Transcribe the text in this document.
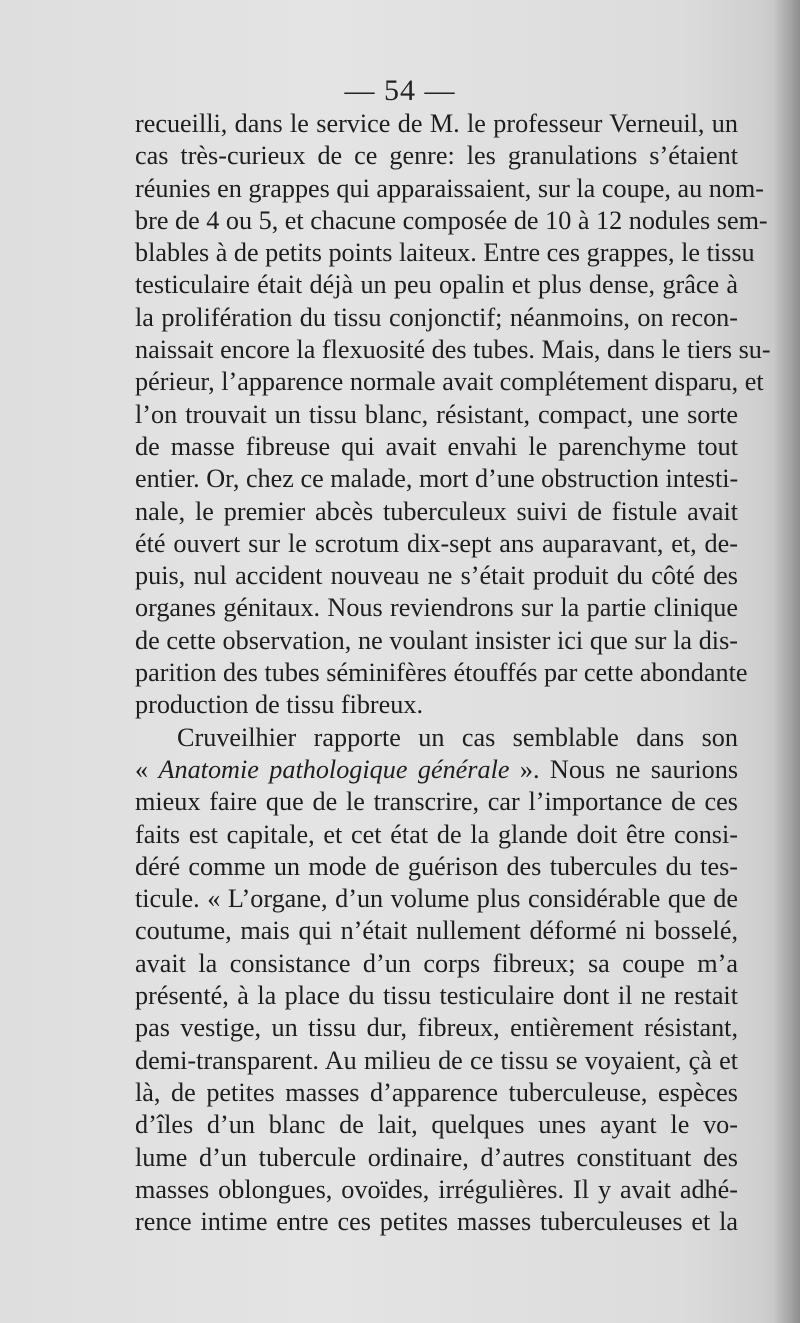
— 54 —
recueilli, dans le service de M. le professeur Verneuil, un
cas très-curieux de ce genre: les granulations s’étaient
réunies en grappes qui apparaissaient, sur la coupe, au nom-
bre de 4 ou 5, et chacune composée de 10 à 12 nodules sem-
blables à de petits points laiteux. Entre ces grappes, le tissu
testiculaire était déjà un peu opalin et plus dense, grâce à
la prolifération du tissu conjonctif; néanmoins, on recon-
naissait encore la flexuosité des tubes. Mais, dans le tiers su-
périeur, l’apparence normale avait complétement disparu, et
l’on trouvait un tissu blanc, résistant, compact, une sorte
de masse fibreuse qui avait envahi le parenchyme tout
entier. Or, chez ce malade, mort d’une obstruction intesti-
nale, le premier abcès tuberculeux suivi de fistule avait
été ouvert sur le scrotum dix-sept ans auparavant, et, de-
puis, nul accident nouveau ne s’était produit du côté des
organes génitaux. Nous reviendrons sur la partie clinique
de cette observation, ne voulant insister ici que sur la dis-
parition des tubes séminifères étouffés par cette abondante
production de tissu fibreux.
Cruveilhier rapporte un cas semblable dans son
« Anatomie pathologique générale ». Nous ne saurions
mieux faire que de le transcrire, car l’importance de ces
faits est capitale, et cet état de la glande doit être consi-
déré comme un mode de guérison des tubercules du tes-
ticule. « L’organe, d’un volume plus considérable que de
coutume, mais qui n’était nullement déformé ni bosselé,
avait la consistance d’un corps fibreux; sa coupe m’a
présenté, à la place du tissu testiculaire dont il ne restait
pas vestige, un tissu dur, fibreux, entièrement résistant,
demi-transparent. Au milieu de ce tissu se voyaient, çà et
là, de petites masses d’apparence tuberculeuse, espèces
d’îles d’un blanc de lait, quelques unes ayant le vo-
lume d’un tubercule ordinaire, d’autres constituant des
masses oblongues, ovoïdes, irrégulières. Il y avait adhé-
rence intime entre ces petites masses tuberculeuses et la
